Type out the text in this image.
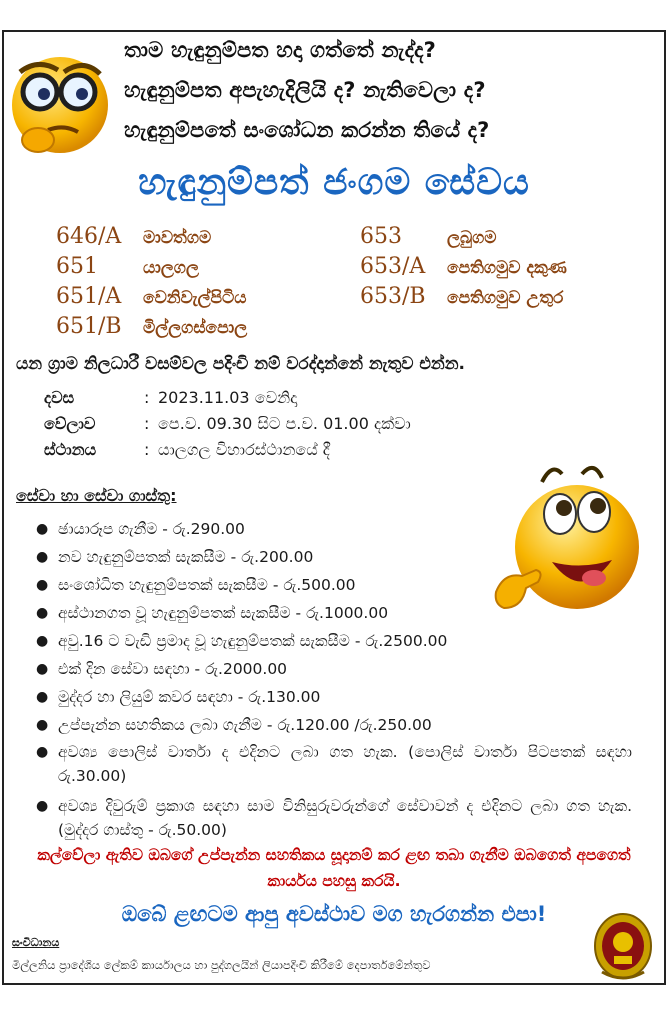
තාම හැඳුනුම්පත හදා ගත්තේ නැද්ද?
හැඳුනුම්පත අපැහැදිලියි ද? නැතිවෙලා ද?
හැඳුනුම්පතේ සංශෝධන කරන්න තියේ ද?
හැඳුනුම්පත් ජංගම සේවය
646/A මාවත්ගම
651	යාලගල
651/A වෙනිවැල්පිටිය
651/B මිල්ලගස්පොල
653	ලබුගම
653/A පෙතිගමුව දකුණ
653/B පෙතිගමුව උතුර
යන ග්‍රාම නිලධාරී වසම්වල පදිංචි නම් වරද්දාන්නේ නැතුව එන්න.
දවස	: 2023.11.03 වෙනිදා
වේලාව	: පෙ.ව. 09.30 සිට ප.ව. 01.00 දක්වා
ස්ථානය	: යාලගල විහාරස්ථානයේ දී
සේවා හා සේවා ගාස්තු:
● ඡායාරූප ගැනීම - රු.290.00
● නව හැඳුනුම්පතක් සැකසීම - රු.200.00
● සංශෝධිත හැඳුනුම්පතක් සැකසීම - රු.500.00
● අස්ථානගත වූ හැඳුනුම්පතක් සැකසීම - රු.1000.00
● අවු.16 ට වැඩි ප්‍රමාද වූ හැඳුනුම්පතක් සැකසීම - රු.2500.00
● එක් දින සේවා සඳහා - රු.2000.00
● මුද්දර හා ලියුම් කවර සඳහා - රු.130.00
● උප්පැන්න සහතිකය ලබා ගැනීම - රු.120.00 /රු.250.00
● අවශ්‍ය පොලිස් වාර්තා ද එදිනට ලබා ගත හැක. (පොලිස් වාර්තා පිටපතක් සඳහා රු.30.00)
● අවශ්‍ය දිවුරුම් ප්‍රකාශ සඳහා සාම විනිසුරුවරුන්ගේ සේවාවන් ද එදිනට ලබා ගත හැක. (මුද්දර ගාස්තු - රු.50.00)
කල්වේලා ඇතිව ඔබගේ උප්පැන්න සහතිකය සූදානම් කර ළඟ තබා ගැනීම ඔබගෙත් අපගෙත් කාර්යය පහසු කරයි.
ඔබේ ළඟටම ආපු අවස්ථාව මග හැරගන්න එපා!
සංවිධානය
මිල්ලනිය ප්‍රාදේශිය ලේකම් කාර්යාලය හා පුද්ගලයින් ලියාපදිංචි කිරීමේ දෙපාර්තමේන්තුව
